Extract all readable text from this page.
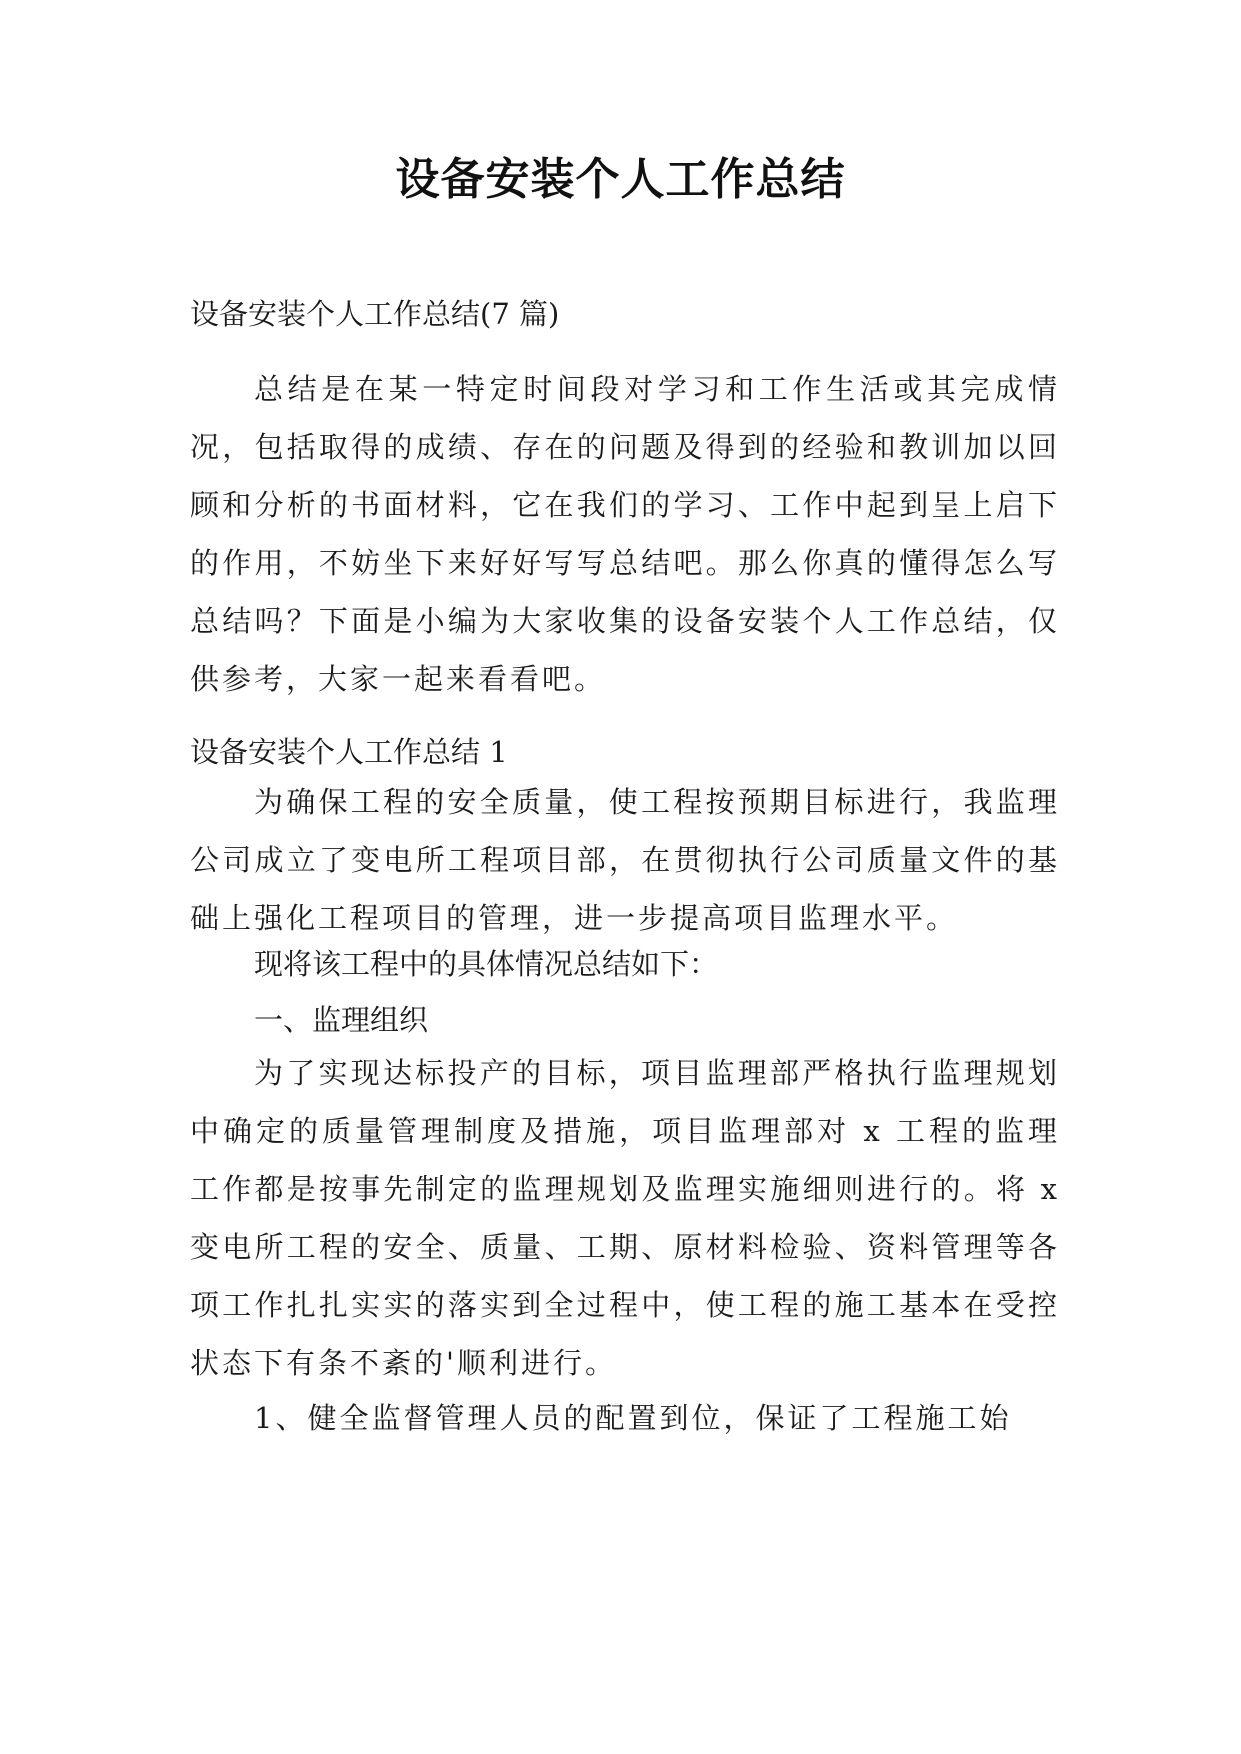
设备安装个人工作总结
设备安装个人工作总结(7 篇)
总结是在某一特定时间段对学习和工作生活或其完成情况，包括取得的成绩、存在的问题及得到的经验和教训加以回顾和分析的书面材料，它在我们的学习、工作中起到呈上启下的作用，不妨坐下来好好写写总结吧。那么你真的懂得怎么写总结吗？下面是小编为大家收集的设备安装个人工作总结，仅供参考，大家一起来看看吧。
设备安装个人工作总结 1
为确保工程的安全质量，使工程按预期目标进行，我监理公司成立了变电所工程项目部，在贯彻执行公司质量文件的基础上强化工程项目的管理，进一步提高项目监理水平。
现将该工程中的具体情况总结如下：
一、监理组织
为了实现达标投产的目标，项目监理部严格执行监理规划中确定的质量管理制度及措施，项目监理部对 x 工程的监理工作都是按事先制定的监理规划及监理实施细则进行的。将 x 变电所工程的安全、质量、工期、原材料检验、资料管理等各项工作扎扎实实的落实到全过程中，使工程的施工基本在受控状态下有条不紊的'顺利进行。
1、健全监督管理人员的配置到位，保证了工程施工始
